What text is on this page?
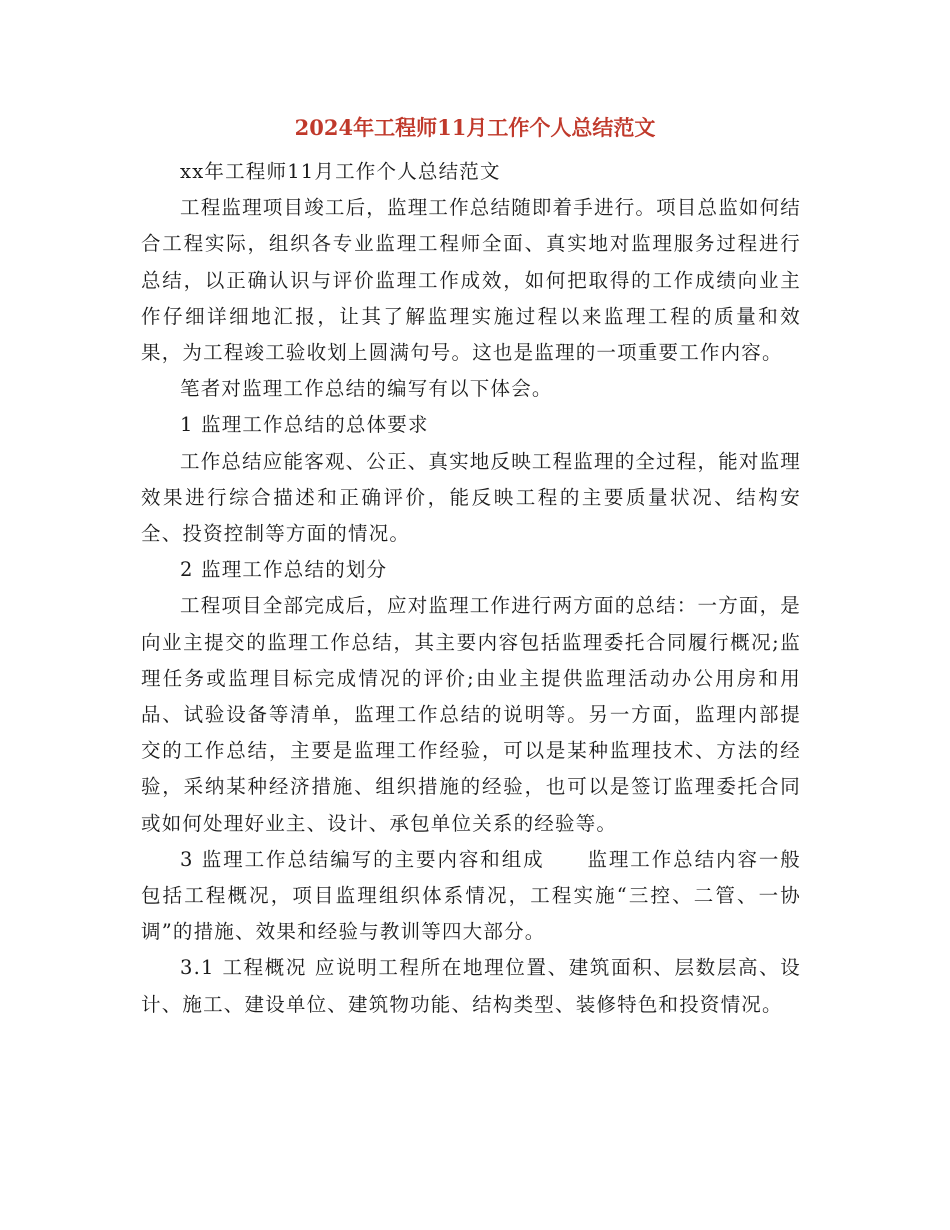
2024年工程师11月工作个人总结范文

xx年工程师11月工作个人总结范文

工程监理项目竣工后，监理工作总结随即着手进行。项目总监如何结合工程实际，组织各专业监理工程师全面、真实地对监理服务过程进行总结，以正确认识与评价监理工作成效，如何把取得的工作成绩向业主作仔细详细地汇报，让其了解监理实施过程以来监理工程的质量和效果，为工程竣工验收划上圆满句号。这也是监理的一项重要工作内容。

笔者对监理工作总结的编写有以下体会。

1 监理工作总结的总体要求

工作总结应能客观、公正、真实地反映工程监理的全过程，能对监理效果进行综合描述和正确评价，能反映工程的主要质量状况、结构安全、投资控制等方面的情况。

2 监理工作总结的划分

工程项目全部完成后，应对监理工作进行两方面的总结：一方面，是向业主提交的监理工作总结，其主要内容包括监理委托合同履行概况;监理任务或监理目标完成情况的评价;由业主提供监理活动办公用房和用品、试验设备等清单，监理工作总结的说明等。另一方面，监理内部提交的工作总结，主要是监理工作经验，可以是某种监理技术、方法的经验，采纳某种经济措施、组织措施的经验，也可以是签订监理委托合同或如何处理好业主、设计、承包单位关系的经验等。

3 监理工作总结编写的主要内容和组成　　监理工作总结内容一般包括工程概况，项目监理组织体系情况，工程实施“三控、二管、一协调”的措施、效果和经验与教训等四大部分。

3.1 工程概况 应说明工程所在地理位置、建筑面积、层数层高、设计、施工、建设单位、建筑物功能、结构类型、装修特色和投资情况。
